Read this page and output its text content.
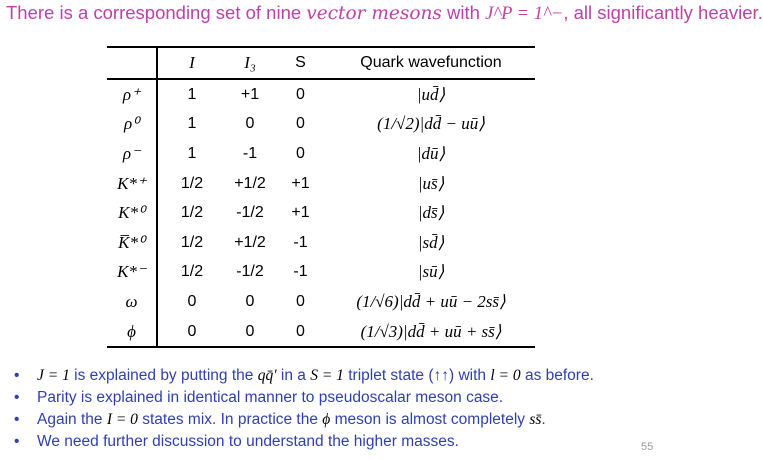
There is a corresponding set of nine vector mesons with J^P = 1^−, all significantly heavier.
	I	I₃	S	Quark wavefunction
ρ⁺	1	+1	0	|ud̄⟩
ρ⁰	1	0	0	(1/√2)|dd̄ − uū⟩
ρ⁻	1	-1	0	|dū⟩
K*⁺	1/2	+1/2	+1	|us̄⟩
K*⁰	1/2	-1/2	+1	|ds̄⟩
K̅*⁰	1/2	+1/2	-1	|sd̄⟩
K*⁻	1/2	-1/2	-1	|sū⟩
ω	0	0	0	(1/√6)|dd̄ + uū − 2ss̄⟩
ϕ	0	0	0	(1/√3)|dd̄ + uū + ss̄⟩
• J = 1 is explained by putting the qq̄′ in a S = 1 triplet state (↑↑) with l = 0 as before.
• Parity is explained in identical manner to pseudoscalar meson case.
• Again the I = 0 states mix. In practice the ϕ meson is almost completely ss̄.
• We need further discussion to understand the higher masses.	55
